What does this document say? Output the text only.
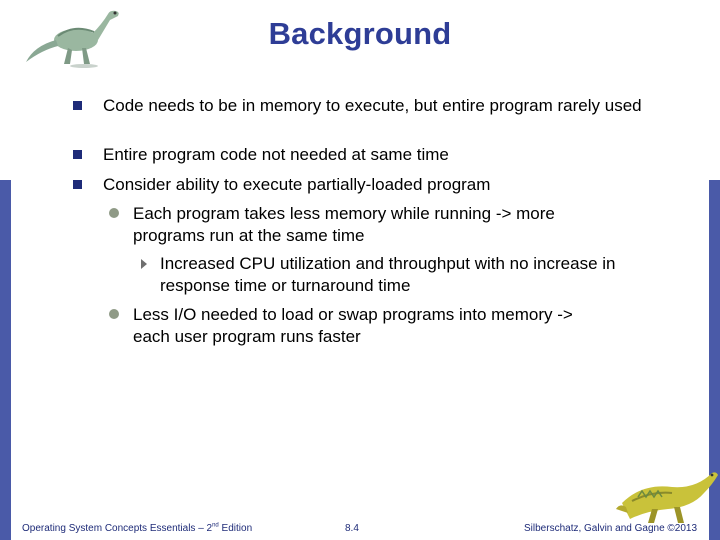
Background
Code needs to be in memory to execute, but entire program rarely used
Entire program code not needed at same time
Consider ability to execute partially-loaded program
Each program takes less memory while running -> more programs run at the same time
Increased CPU utilization and throughput with no increase in response time or turnaround time
Less I/O needed to load or swap programs into memory -> each user program runs faster
Operating System Concepts Essentials – 2nd Edition	8.4	Silberschatz, Galvin and Gagne ©2013
